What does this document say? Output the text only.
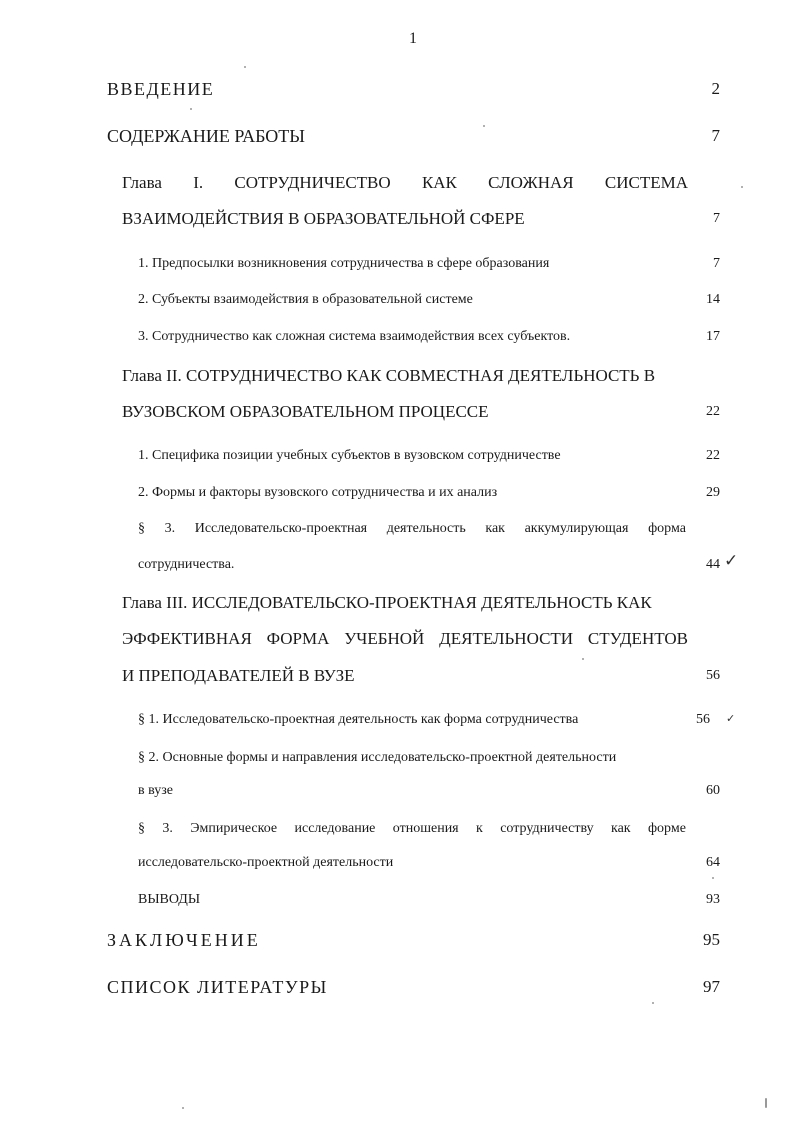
1
ВВЕДЕНИЕ	2
СОДЕРЖАНИЕ РАБОТЫ	7
Глава I. СОТРУДНИЧЕСТВО КАК СЛОЖНАЯ СИСТЕМА
ВЗАИМОДЕЙСТВИЯ В ОБРАЗОВАТЕЛЬНОЙ СФЕРЕ	7
1. Предпосылки возникновения сотрудничества в сфере образования	7
2. Субъекты взаимодействия в образовательной системе	14
3. Сотрудничество как сложная система взаимодействия всех субъектов.	17
Глава II. СОТРУДНИЧЕСТВО КАК СОВМЕСТНАЯ ДЕЯТЕЛЬНОСТЬ В
ВУЗОВСКОМ ОБРАЗОВАТЕЛЬНОМ ПРОЦЕССЕ	22
1. Специфика позиции учебных субъектов в вузовском сотрудничестве	22
2. Формы и факторы вузовского сотрудничества и их анализ	29
§ 3. Исследовательско-проектная деятельность как аккумулирующая форма
сотрудничества.	44 ✓
Глава III. ИССЛЕДОВАТЕЛЬСКО-ПРОЕКТНАЯ ДЕЯТЕЛЬНОСТЬ КАК
ЭФФЕКТИВНАЯ ФОРМА УЧЕБНОЙ ДЕЯТЕЛЬНОСТИ СТУДЕНТОВ
И ПРЕПОДАВАТЕЛЕЙ В ВУЗЕ	56
§ 1. Исследовательско-проектная деятельность как форма сотрудничества	56 ✓
§ 2. Основные формы и направления исследовательско-проектной деятельности
в вузе	60
§ 3. Эмпирическое исследование отношения к сотрудничеству как форме
исследовательско-проектной деятельности	64
ВЫВОДЫ	93
ЗАКЛЮЧЕНИЕ	95
СПИСОК ЛИТЕРАТУРЫ	97
